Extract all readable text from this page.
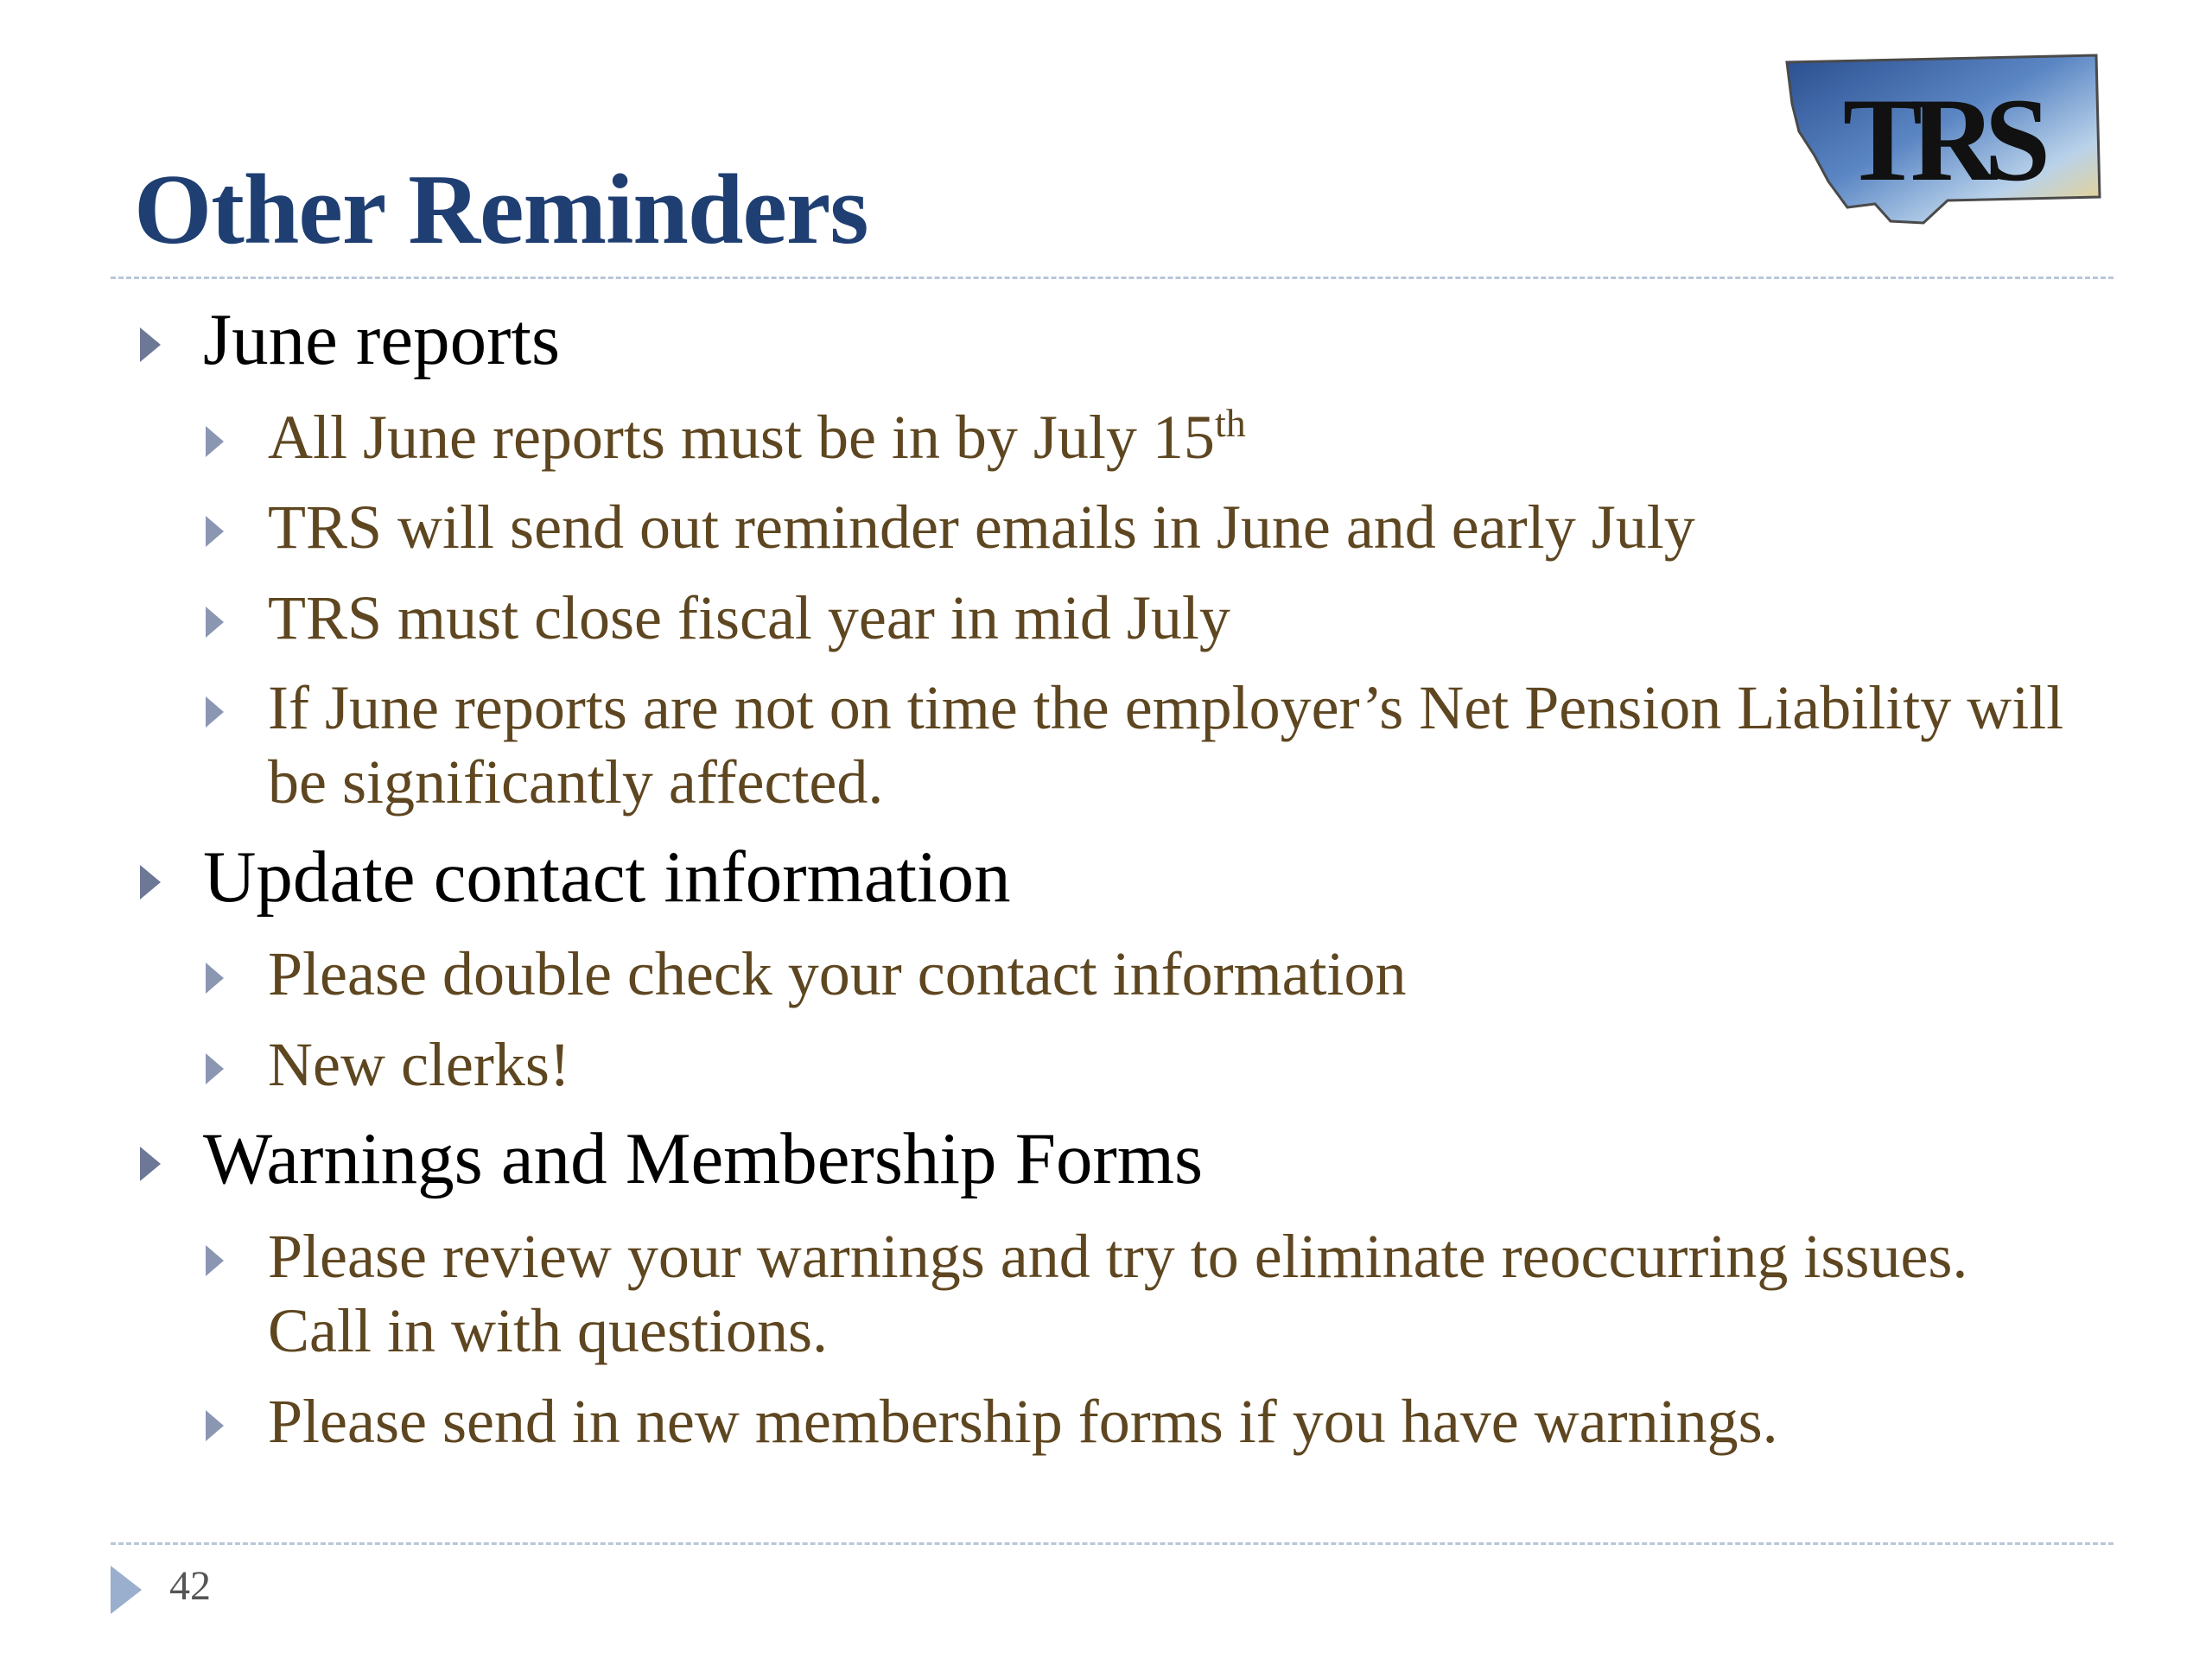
Other Reminders
TRS
June reports
All June reports must be in by July 15th
TRS will send out reminder emails in June and early July
TRS must close fiscal year in mid July
If June reports are not on time the employer’s Net Pension Liability will be significantly affected.
Update contact information
Please double check your contact information
New clerks!
Warnings and Membership Forms
Please review your warnings and try to eliminate reoccurring issues. Call in with questions.
Please send in new membership forms if you have warnings.
42
